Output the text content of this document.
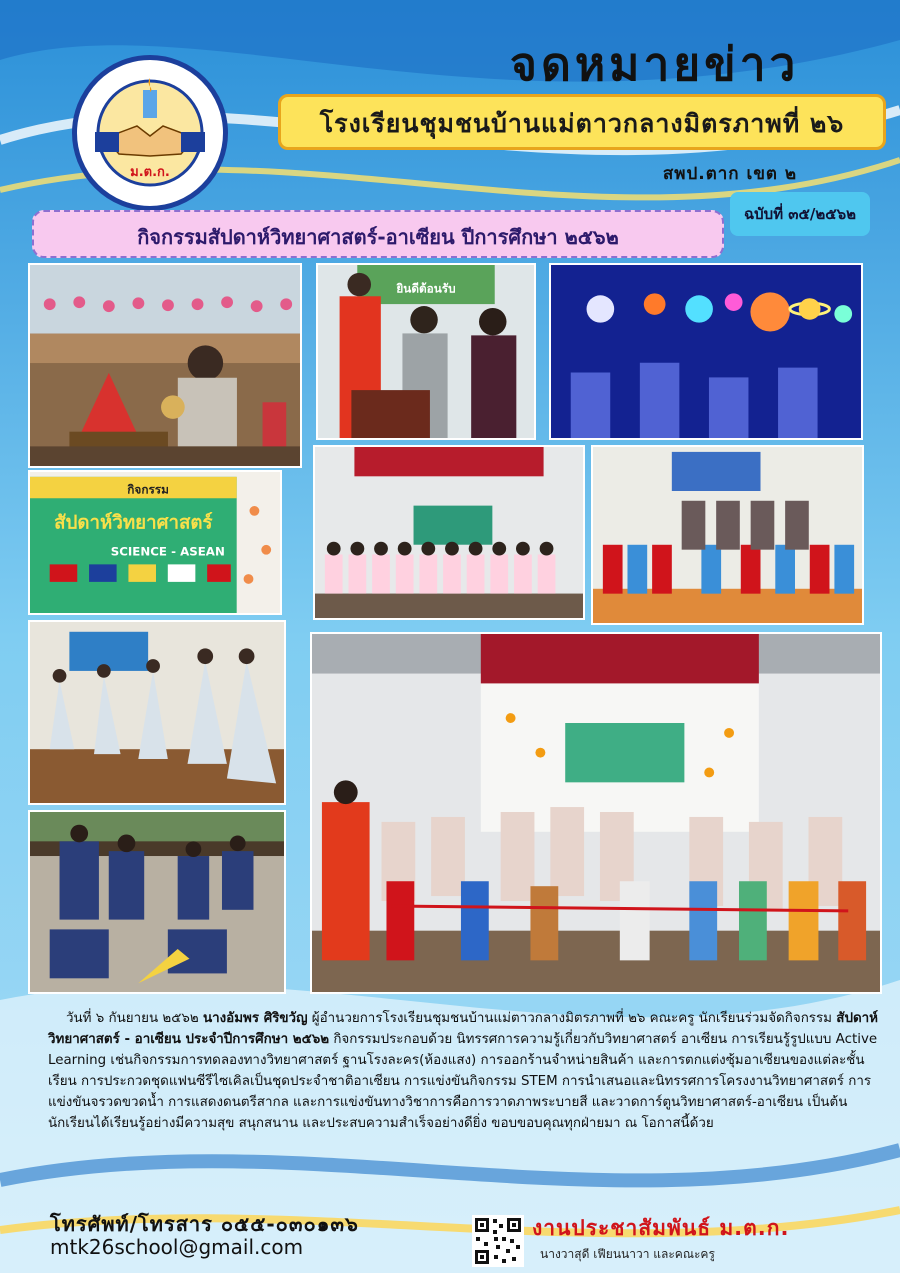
ม.ต.ก.
จดหมายข่าว
โรงเรียนชุมชนบ้านแม่ตาวกลางมิตรภาพที่ ๒๖
สพป.ตาก เขต ๒
ฉบับที่ ๓๕/๒๕๖๒
กิจกรรมสัปดาห์วิทยาศาสตร์-อาเซียน ปีการศึกษา ๒๕๖๒
ยินดีต้อนรับ
กิจกรรม
สัปดาห์วิทยาศาสตร์
SCIENCE - ASEAN
วันที่ ๖ กันยายน ๒๕๖๒ นางอัมพร ศิริขวัญ ผู้อำนวยการโรงเรียนชุมชนบ้านแม่ตาวกลางมิตรภาพที่ ๒๖ คณะครู นักเรียนร่วมจัดกิจกรรม สัปดาห์วิทยาศาสตร์ - อาเซียน ประจำปีการศึกษา ๒๕๖๒ กิจกรรมประกอบด้วย นิทรรศการความรู้เกี่ยวกับวิทยาศาสตร์ อาเซียน การเรียนรู้รูปแบบ Active Learning เช่นกิจกรรมการทดลองทางวิทยาศาสตร์ ฐานโรงละคร(ห้องแสง) การออกร้านจำหน่ายสินค้า และการตกแต่งซุ้มอาเซียนของแต่ละชั้นเรียน การประกวดชุดแฟนซีรีไซเคิลเป็นชุดประจำชาติอาเซียน การแข่งขันกิจกรรม STEM การนำเสนอและนิทรรศการโครงงานวิทยาศาสตร์ การแข่งขันจรวดขวดน้ำ การแสดงดนตรีสากล และการแข่งขันทางวิชาการคือการวาดภาพระบายสี และวาดการ์ตูนวิทยาศาสตร์-อาเซียน เป็นต้น นักเรียนได้เรียนรู้อย่างมีความสุข สนุกสนาน และประสบความสำเร็จอย่างดียิ่ง ขอบขอบคุณทุกฝ่ายมา ณ โอกาสนี้ด้วย
โทรศัพท์/โทรสาร ๐๕๕-๐๓๐๑๓๖
mtk26school@gmail.com
งานประชาสัมพันธ์ ม.ต.ก.
นางวาสุดี เฟียนนาวา และคณะครู
